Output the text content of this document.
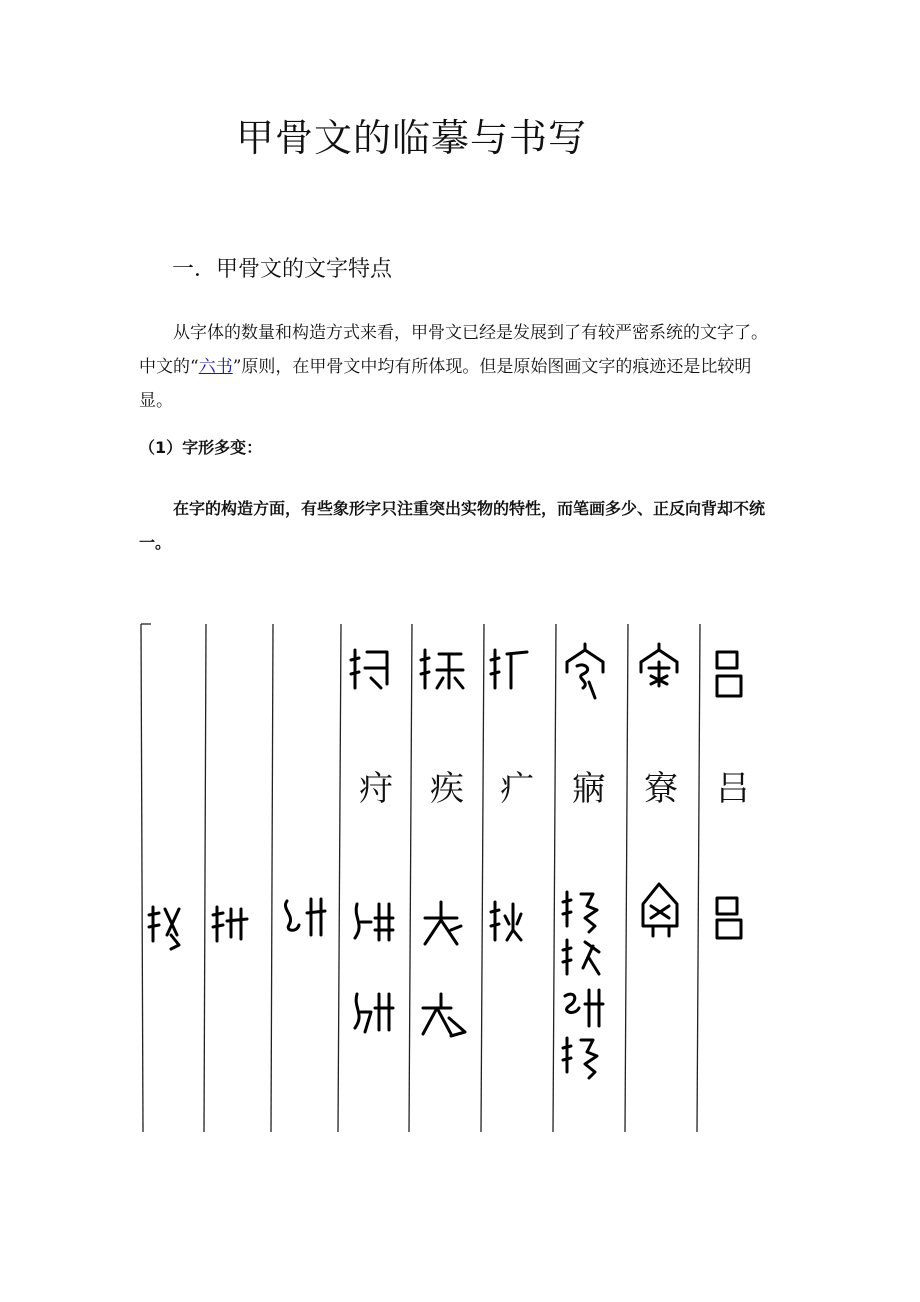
甲骨文的临摹与书写
一．甲骨文的文字特点

从字体的数量和构造方式来看，甲骨文已经是发展到了有较严密系统的文字了。中文的“六书”原则，在甲骨文中均有所体现。但是原始图画文字的痕迹还是比较明显。

（1）字形多变：

在字的构造方面，有些象形字只注重突出实物的特性，而笔画多少、正反向背却不统一。

疛 疾 疒 寎 寮 吕
